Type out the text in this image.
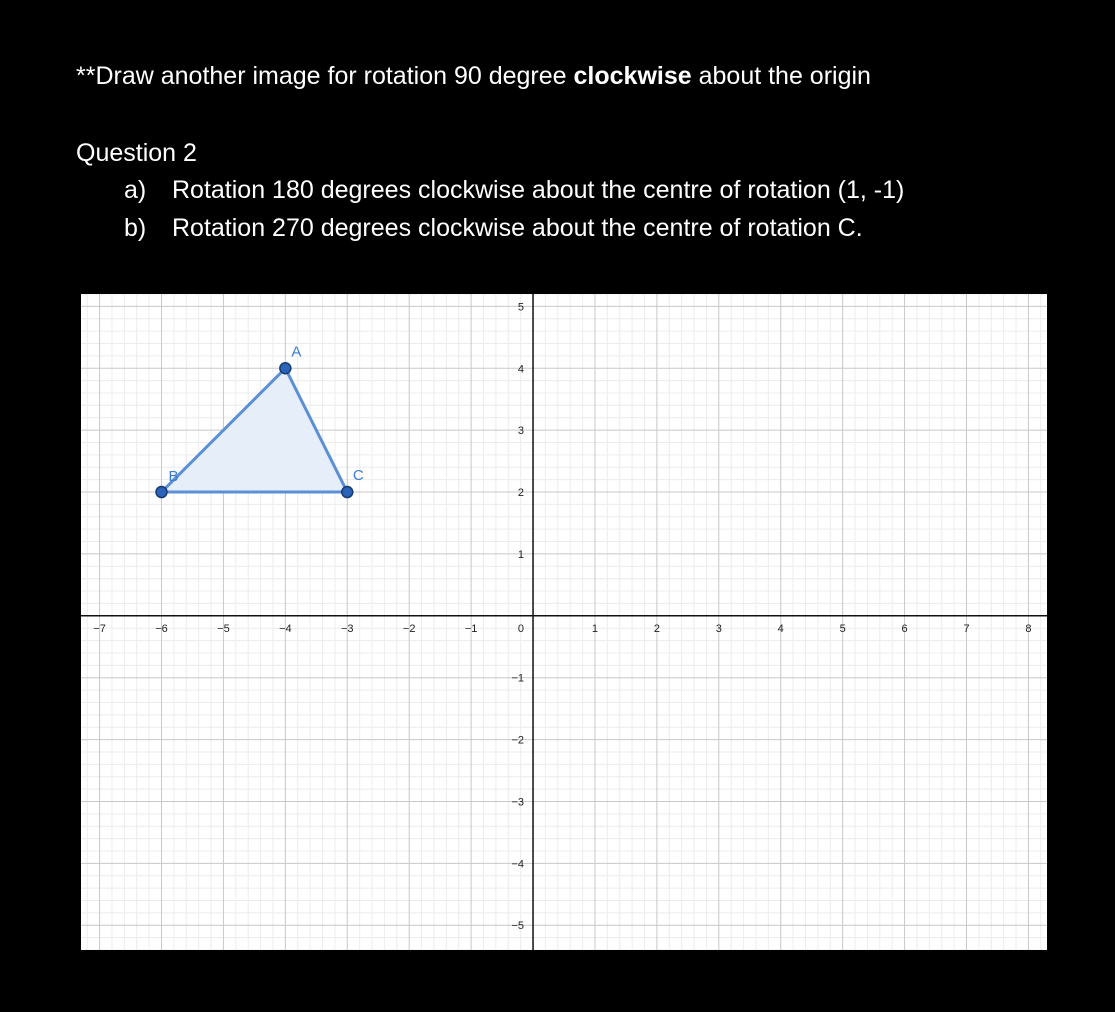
**Draw another image for rotation 90 degree clockwise about the origin

Question 2

a) Rotation 180 degrees clockwise about the centre of rotation (1, -1)

b) Rotation 270 degrees clockwise about the centre of rotation C.

−7	−6	−5	−4	−3	−2	−1	1	2	3	4	5	6	7	8
−5
−4
−3
−2
−1
1
2
3
4
5
0
A
B	C
